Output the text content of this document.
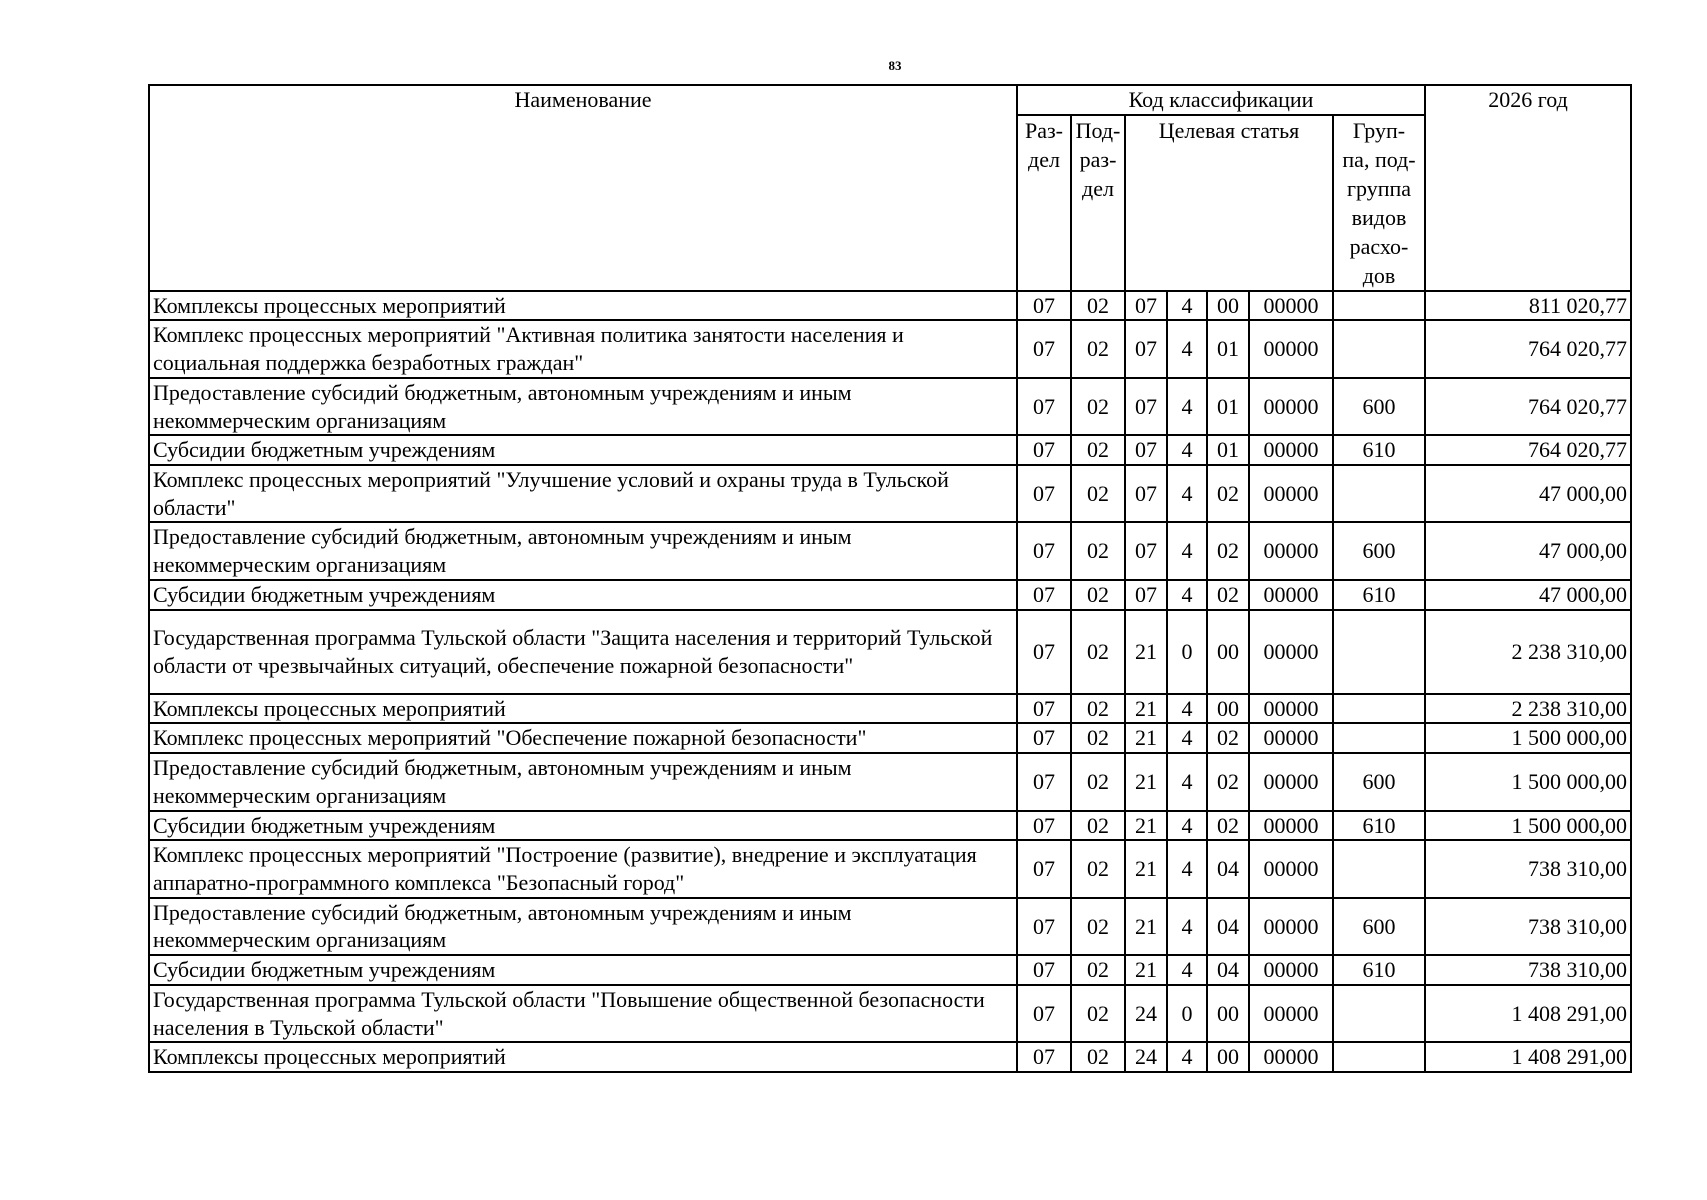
83
Наименование	Код классификации							2026 год
	Раз- дел	Под- раз- дел	Целевая статья				Груп- па, под- группа видов расхо- дов	
Комплексы процессных мероприятий	07	02	07	4	00	00000		811 020,77
Комплекс процессных мероприятий "Активная политика занятости населения и социальная поддержка безработных граждан"	07	02	07	4	01	00000		764 020,77
Предоставление субсидий бюджетным, автономным учреждениям и иным некоммерческим организациям	07	02	07	4	01	00000	600	764 020,77
Субсидии бюджетным учреждениям	07	02	07	4	01	00000	610	764 020,77
Комплекс процессных мероприятий "Улучшение условий и охраны труда в Тульской области"	07	02	07	4	02	00000		47 000,00
Предоставление субсидий бюджетным, автономным учреждениям и иным некоммерческим организациям	07	02	07	4	02	00000	600	47 000,00
Субсидии бюджетным учреждениям	07	02	07	4	02	00000	610	47 000,00
Государственная программа Тульской области "Защита населения и территорий Тульской области от чрезвычайных ситуаций, обеспечение пожарной безопасности"	07	02	21	0	00	00000		2 238 310,00
Комплексы процессных мероприятий	07	02	21	4	00	00000		2 238 310,00
Комплекс процессных мероприятий "Обеспечение пожарной безопасности"	07	02	21	4	02	00000		1 500 000,00
Предоставление субсидий бюджетным, автономным учреждениям и иным некоммерческим организациям	07	02	21	4	02	00000	600	1 500 000,00
Субсидии бюджетным учреждениям	07	02	21	4	02	00000	610	1 500 000,00
Комплекс процессных мероприятий "Построение (развитие), внедрение и эксплуатация аппаратно-программного комплекса "Безопасный город"	07	02	21	4	04	00000		738 310,00
Предоставление субсидий бюджетным, автономным учреждениям и иным некоммерческим организациям	07	02	21	4	04	00000	600	738 310,00
Субсидии бюджетным учреждениям	07	02	21	4	04	00000	610	738 310,00
Государственная программа Тульской области "Повышение общественной безопасности населения в Тульской области"	07	02	24	0	00	00000		1 408 291,00
Комплексы процессных мероприятий	07	02	24	4	00	00000		1 408 291,00
